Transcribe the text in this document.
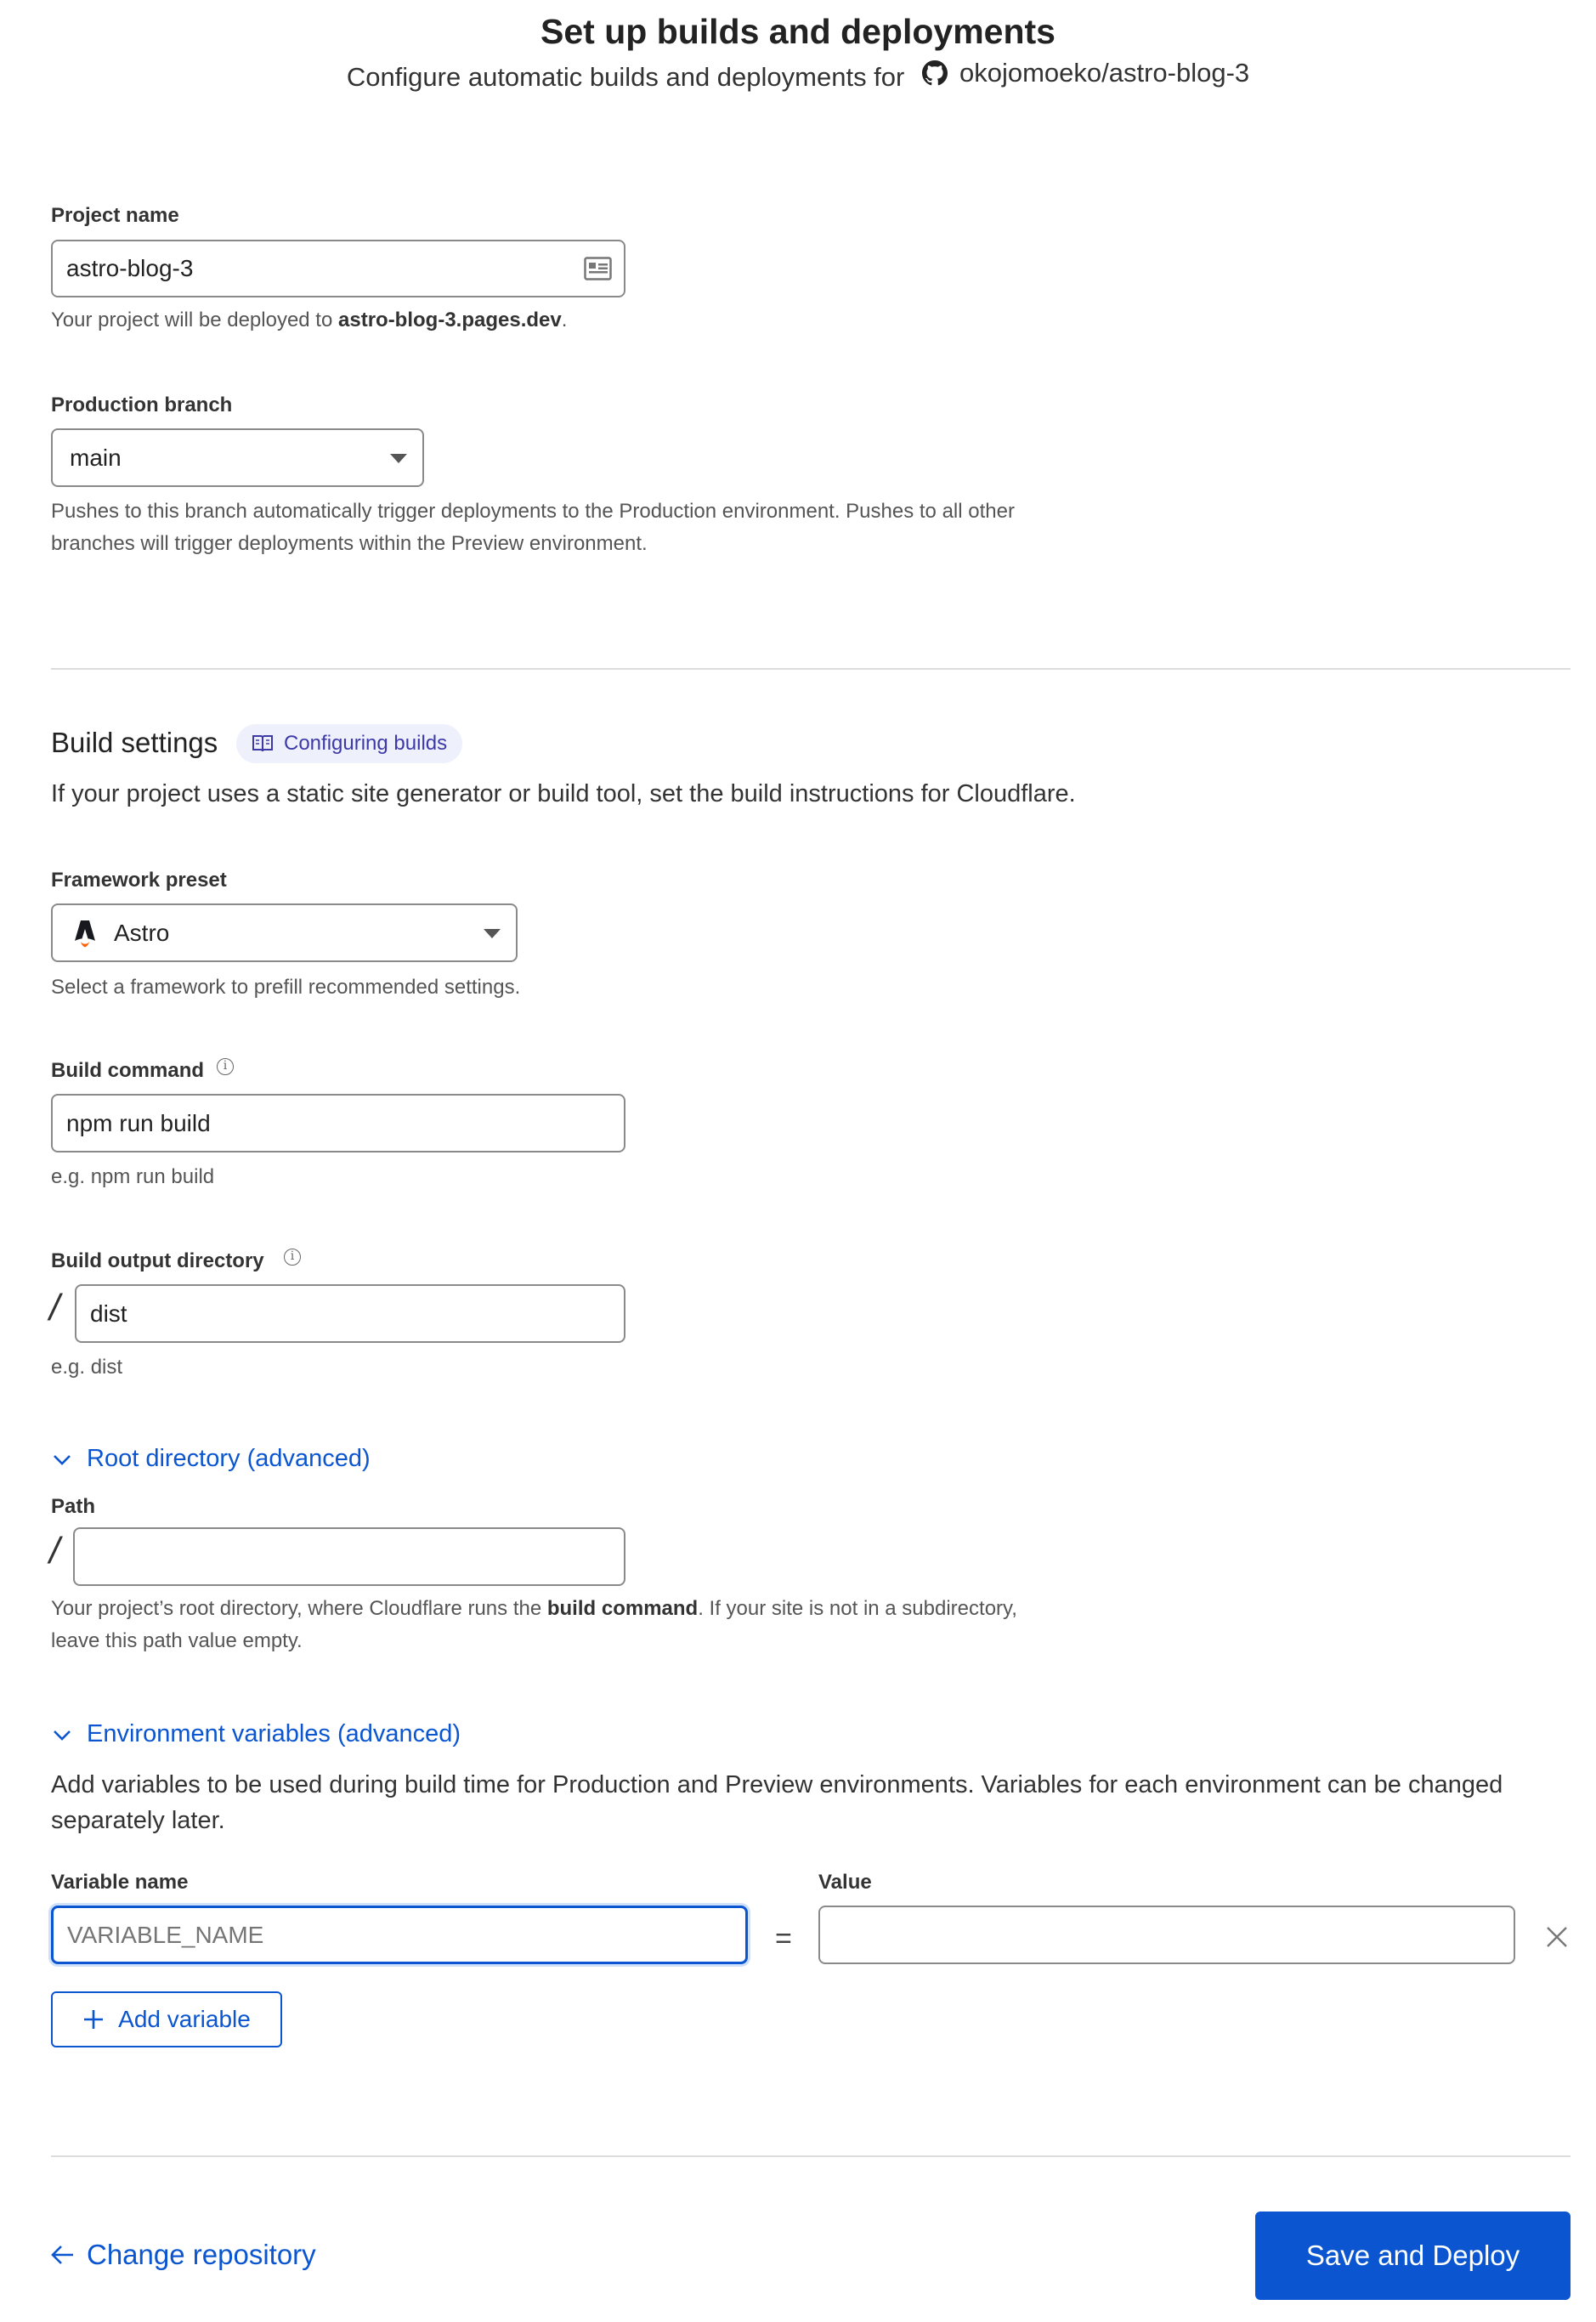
Set up builds and deployments
Configure automatic builds and deployments for okojomoeko/astro-blog-3
Project name
astro-blog-3
Your project will be deployed to astro-blog-3.pages.dev.
Production branch
main
Pushes to this branch automatically trigger deployments to the Production environment. Pushes to all other
branches will trigger deployments within the Preview environment.
Build settings	Configuring builds
If your project uses a static site generator or build tool, set the build instructions for Cloudflare.
Framework preset
Astro
Select a framework to prefill recommended settings.
Build command	i
npm run build
e.g. npm run build
Build output directory	i
/
dist
e.g. dist
Root directory (advanced)
Path
/
Your project’s root directory, where Cloudflare runs the build command. If your site is not in a subdirectory,
leave this path value empty.
Environment variables (advanced)
Add variables to be used during build time for Production and Preview environments. Variables for each environment can be changed
separately later.
Variable name	Value
VARIABLE_NAME
=
Add variable
Change repository	Save and Deploy
